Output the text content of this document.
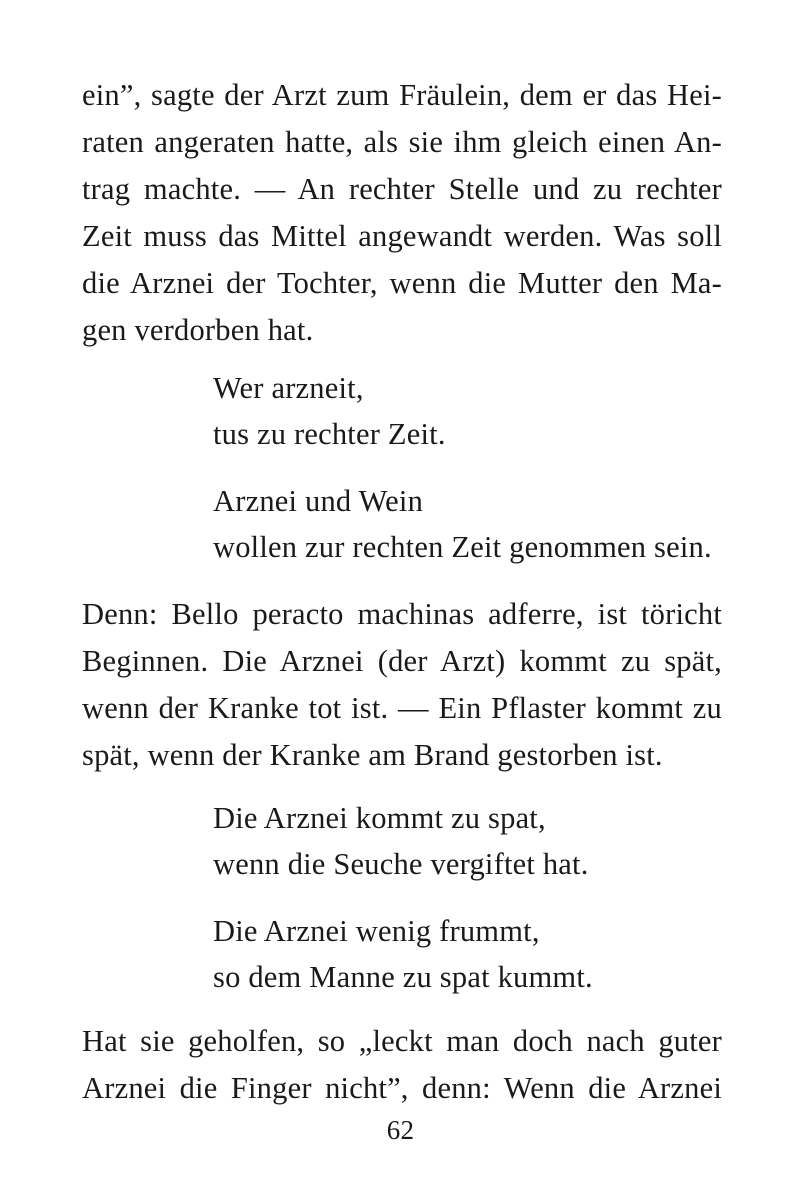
ein”, sagte der Arzt zum Fräulein, dem er das Hei-
raten angeraten hatte, als sie ihm gleich einen An-
trag machte. — An rechter Stelle und zu rechter
Zeit muss das Mittel angewandt werden. Was soll
die Arznei der Tochter, wenn die Mutter den Ma-
gen verdorben hat.
Wer arzneit,
tus zu rechter Zeit.
Arznei und Wein
wollen zur rechten Zeit genommen sein.
Denn: Bello peracto machinas adferre, ist töricht
Beginnen. Die Arznei (der Arzt) kommt zu spät,
wenn der Kranke tot ist. — Ein Pflaster kommt zu
spät, wenn der Kranke am Brand gestorben ist.
Die Arznei kommt zu spat,
wenn die Seuche vergiftet hat.
Die Arznei wenig frummt,
so dem Manne zu spat kummt.
Hat sie geholfen, so „leckt man doch nach guter
Arznei die Finger nicht”, denn: Wenn die Arznei
62
